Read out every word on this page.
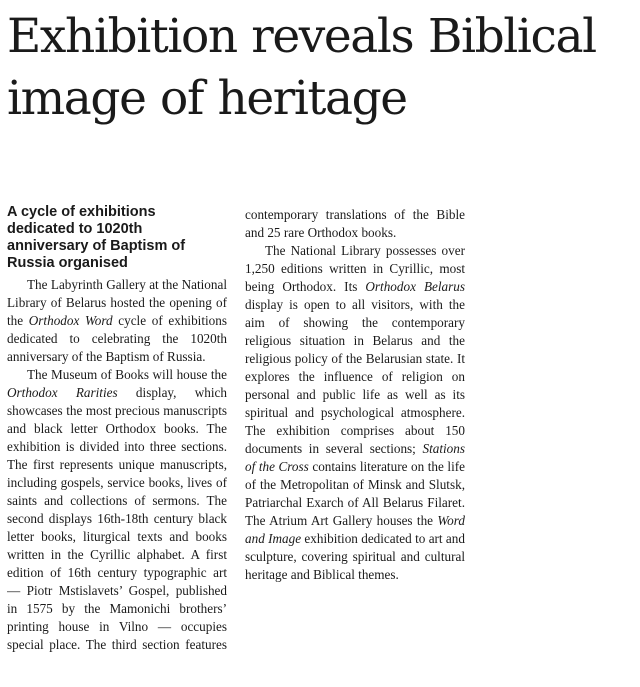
Exhibition reveals Biblical image of heritage
A cycle of exhibitions dedicated to 1020th anniversary of Baptism of Russia organised

The Labyrinth Gallery at the National Library of Belarus hosted the opening of the Orthodox Word cycle of exhibitions dedicated to celebrating the 1020th anniversary of the Baptism of Russia.

The Museum of Books will house the Orthodox Rarities display, which showcases the most precious manuscripts and black letter Orthodox books. The exhibition is divided into three sections. The first represents unique manuscripts, including gospels, service books, lives of saints and collections of sermons. The second displays 16th-18th century black letter books, liturgical texts and books written in the Cyrillic alphabet. A first edition of 16th century typographic art — Piotr Mstislavets’ Gospel, published in 1575 by the Mamonichi brothers’ printing house in Vilno — occupies special place. The third section features

contemporary translations of the Bible and 25 rare Orthodox books.

The National Library possesses over 1,250 editions written in Cyrillic, most being Orthodox. Its Orthodox Belarus display is open to all visitors, with the aim of showing the contemporary religious situation in Belarus and the religious policy of the Belarusian state. It explores the influence of religion on personal and public life as well as its spiritual and psychological atmosphere. The exhibition comprises about 150 documents in several sections; Stations of the Cross contains literature on the life of the Metropolitan of Minsk and Slutsk, Patriarchal Exarch of All Belarus Filaret. The Atrium Art Gallery houses the Word and Image exhibition dedicated to art and sculpture, covering spiritual and cultural heritage and Biblical themes.
